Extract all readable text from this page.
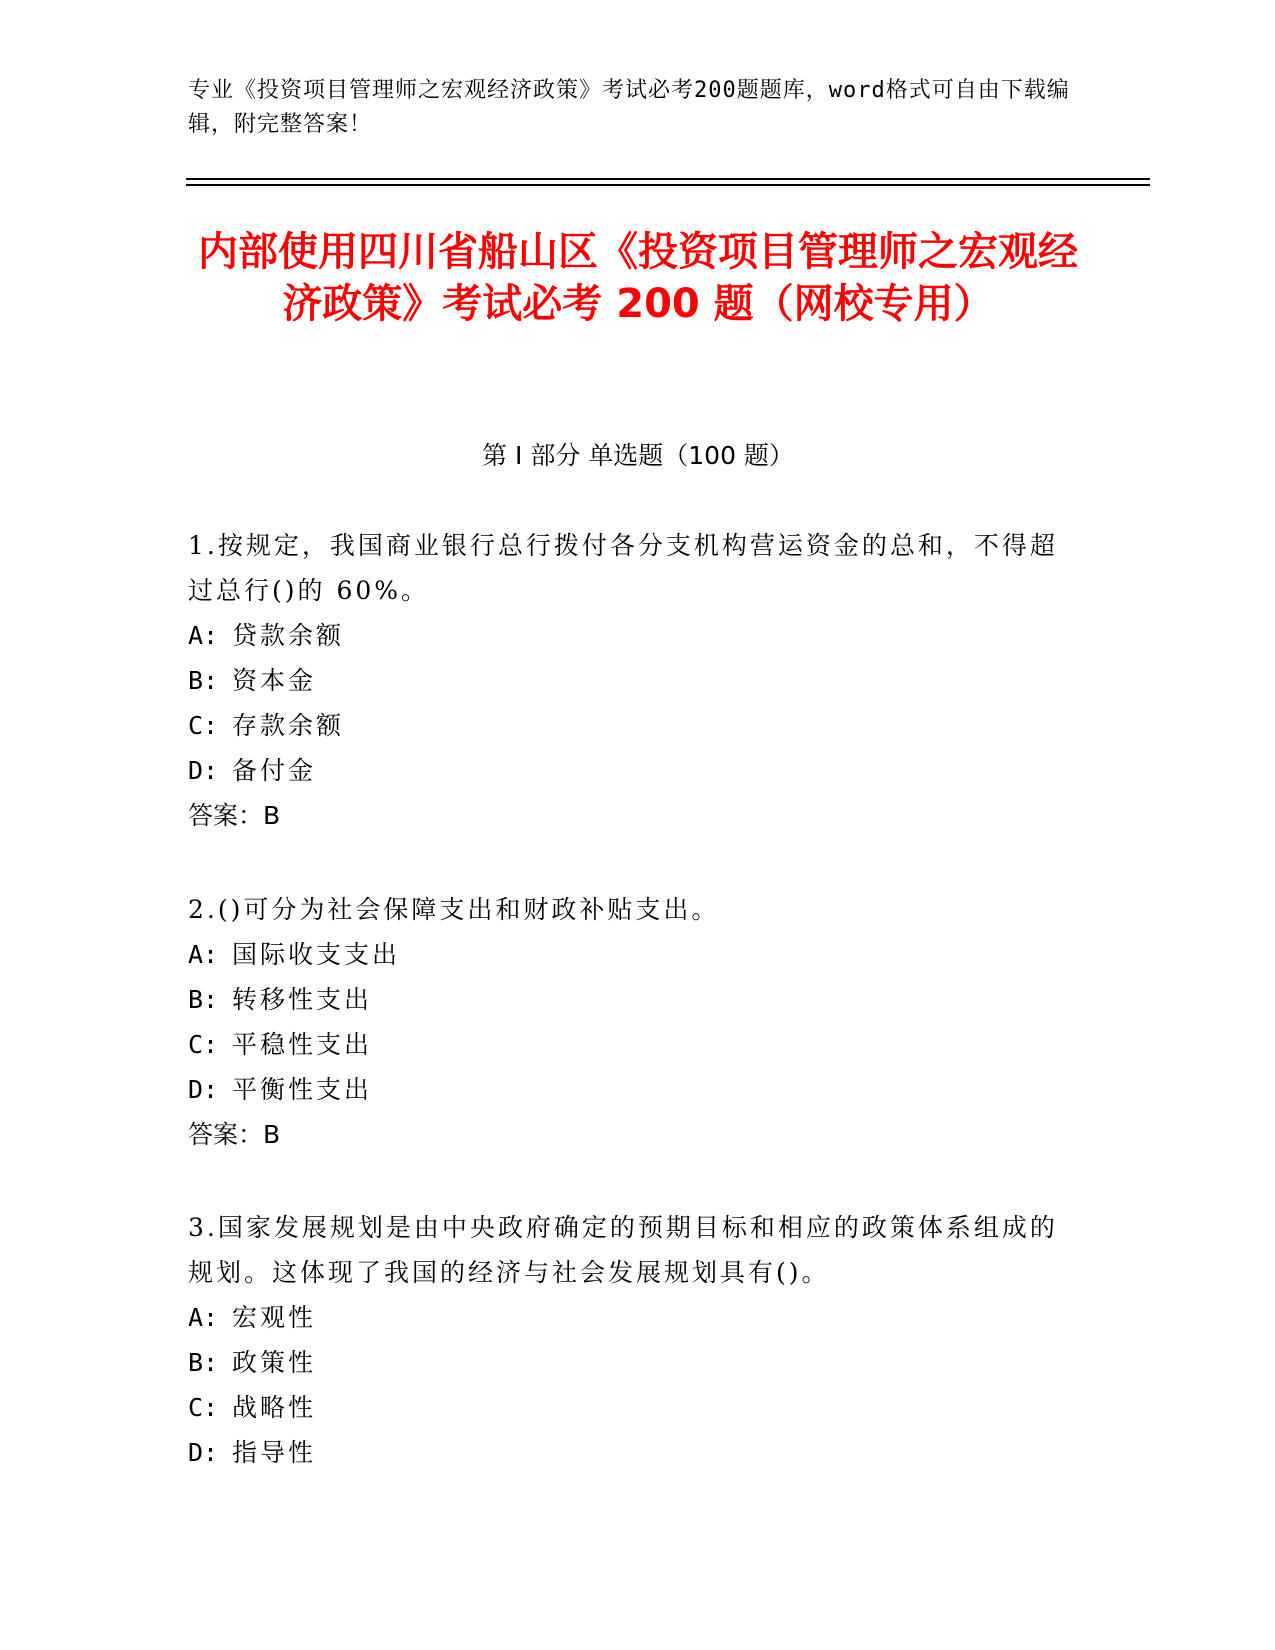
专业《投资项目管理师之宏观经济政策》考试必考200题题库，word格式可自由下载编辑，附完整答案！
内部使用四川省船山区《投资项目管理师之宏观经济政策》考试必考 200 题（网校专用）
第 I 部分 单选题（100 题）
1.按规定，我国商业银行总行拨付各分支机构营运资金的总和，不得超过总行()的 60%。
A: 贷款余额
B: 资本金
C: 存款余额
D: 备付金
答案：B
2.()可分为社会保障支出和财政补贴支出。
A: 国际收支支出
B: 转移性支出
C: 平稳性支出
D: 平衡性支出
答案：B
3.国家发展规划是由中央政府确定的预期目标和相应的政策体系组成的规划。这体现了我国的经济与社会发展规划具有()。
A: 宏观性
B: 政策性
C: 战略性
D: 指导性
